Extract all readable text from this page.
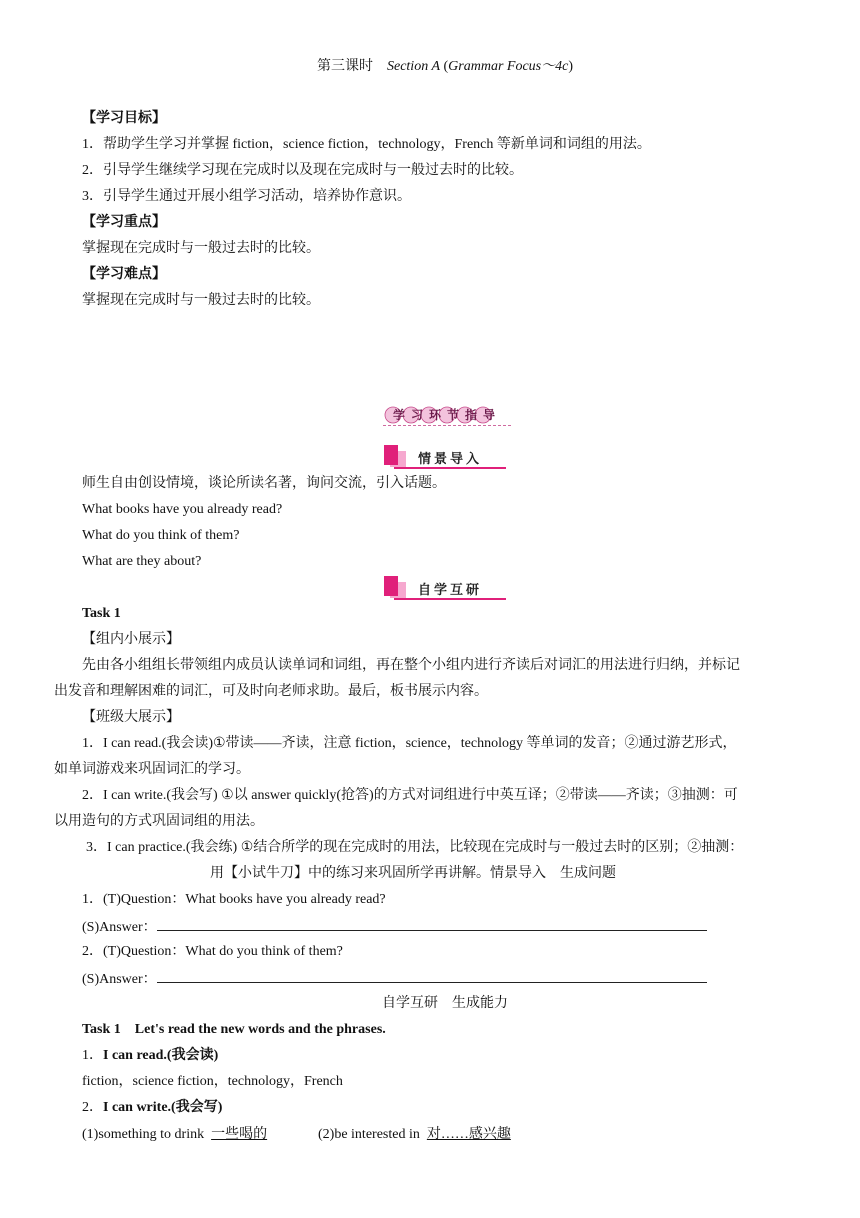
第三课时 Section A (Grammar Focus～4c)
【学习目标】
1．帮助学生学习并掌握 fiction，science fiction，technology，French 等新单词和词组的用法。
2．引导学生继续学习现在完成时以及现在完成时与一般过去时的比较。
3．引导学生通过开展小组学习活动，培养协作意识。
【学习重点】
掌握现在完成时与一般过去时的比较。
【学习难点】
掌握现在完成时与一般过去时的比较。
学习环节指导
情景导入
师生自由创设情境，谈论所读名著，询问交流，引入话题。
What books have you already read?
What do you think of them?
What are they about?
自学互研
Task 1
【组内小展示】
先由各小组组长带领组内成员认读单词和词组，再在整个小组内进行齐读后对词汇的用法进行归纳，并标记
出发音和理解困难的词汇，可及时向老师求助。最后，板书展示内容。
【班级大展示】
1．I can read.(我会读)①带读——齐读，注意 fiction，science，technology 等单词的发音；②通过游艺形式，
如单词游戏来巩固词汇的学习。
2．I can write.(我会写) ①以 answer quickly(抢答)的方式对词组进行中英互译；②带读——齐读；③抽测：可
以用造句的方式巩固词组的用法。
3．I can practice.(我会练) ①结合所学的现在完成时的用法，比较现在完成时与一般过去时的区别；②抽测：
用【小试牛刀】中的练习来巩固所学再讲解。情景导入　生成问题
1．(T)Question：What books have you already read?
(S)Answer：
2．(T)Question：What do you think of them?
(S)Answer：
自学互研　生成能力
Task 1　Let's read the new words and the phrases.
1．I can read.(我会读)
fiction，science fiction，technology，French
2．I can write.(我会写)
(1)something to drink 一些喝的	(2)be interested in 对……感兴趣
